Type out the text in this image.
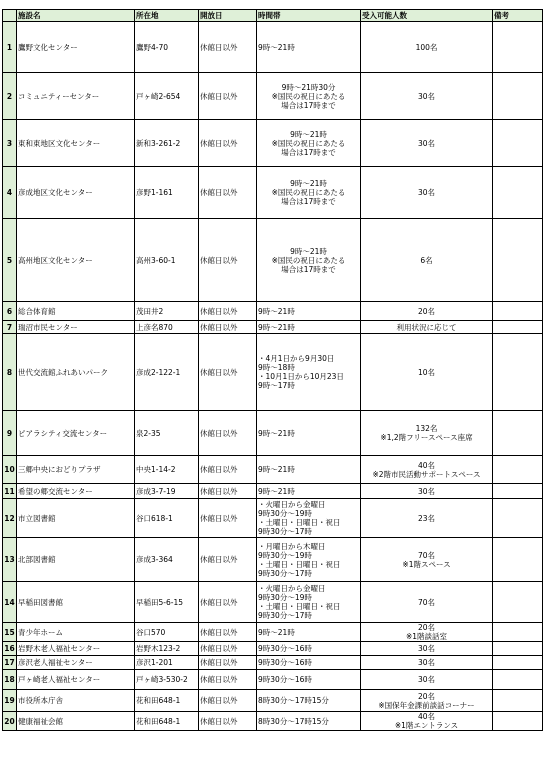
	施設名	所在地	開放日	時間帯	受入可能人数	備考
1	鷹野文化センター	鷹野4-70	休館日以外	9時～21時	100名	

2	コミュニティーセンター	戸ヶ崎2-654	休館日以外	9時～21時30分
※国民の祝日にあたる
場合は17時まで	30名	

3	東和東地区文化センター	新和3-261-2	休館日以外	9時～21時
※国民の祝日にあたる
場合は17時まで	30名	

4	彦成地区文化センター	彦野1-161	休館日以外	9時～21時
※国民の祝日にあたる
場合は17時まで	30名	

5	高州地区文化センター	高州3-60-1	休館日以外	9時～21時
※国民の祝日にあたる
場合は17時まで	6名	

6	総合体育館	茂田井2	休館日以外	9時～21時	20名	

7	瑞沼市民センター	上彦名870	休館日以外	9時～21時	利用状況に応じて	

8	世代交流館ふれあいパーク	彦成2-122-1	休館日以外	・4月1日から9月30日
9時～18時
・10月1日から10月23日
9時～17時	10名	

9	ピアラシティ交流センター	泉2-35	休館日以外	9時～21時	132名
※1,2階フリースペース座席	

10	三郷中央におどりプラザ	中央1-14-2	休館日以外	9時～21時	40名
※2階市民活動サポートスペース	

11	希望の郷交流センター	彦成3-7-19	休館日以外	9時～21時	30名	

12	市立図書館	谷口618-1	休館日以外	・火曜日から金曜日
9時30分～19時
・土曜日・日曜日・祝日
9時30分～17時	23名	

13	北部図書館	彦成3-364	休館日以外	・月曜日から木曜日
9時30分～19時
・土曜日・日曜日・祝日
9時30分～17時	70名
※1階スペース	

14	早稲田図書館	早稲田5-6-15	休館日以外	・火曜日から金曜日
9時30分～19時
・土曜日・日曜日・祝日
9時30分～17時	70名	

15	青少年ホーム	谷口570	休館日以外	9時～21時	20名
※1階談話室	

16	岩野木老人福祉センター	岩野木123-2	休館日以外	9時30分～16時	30名	

17	彦沢老人福祉センター	彦沢1-201	休館日以外	9時30分～16時	30名	

18	戸ヶ崎老人福祉センター	戸ヶ崎3-530-2	休館日以外	9時30分～16時	30名	

19	市役所本庁舎	花和田648-1	休館日以外	8時30分～17時15分	20名
※国保年金課前談話コーナー	

20	健康福祉会館	花和田648-1	休館日以外	8時30分～17時15分	40名
※1階エントランス	
